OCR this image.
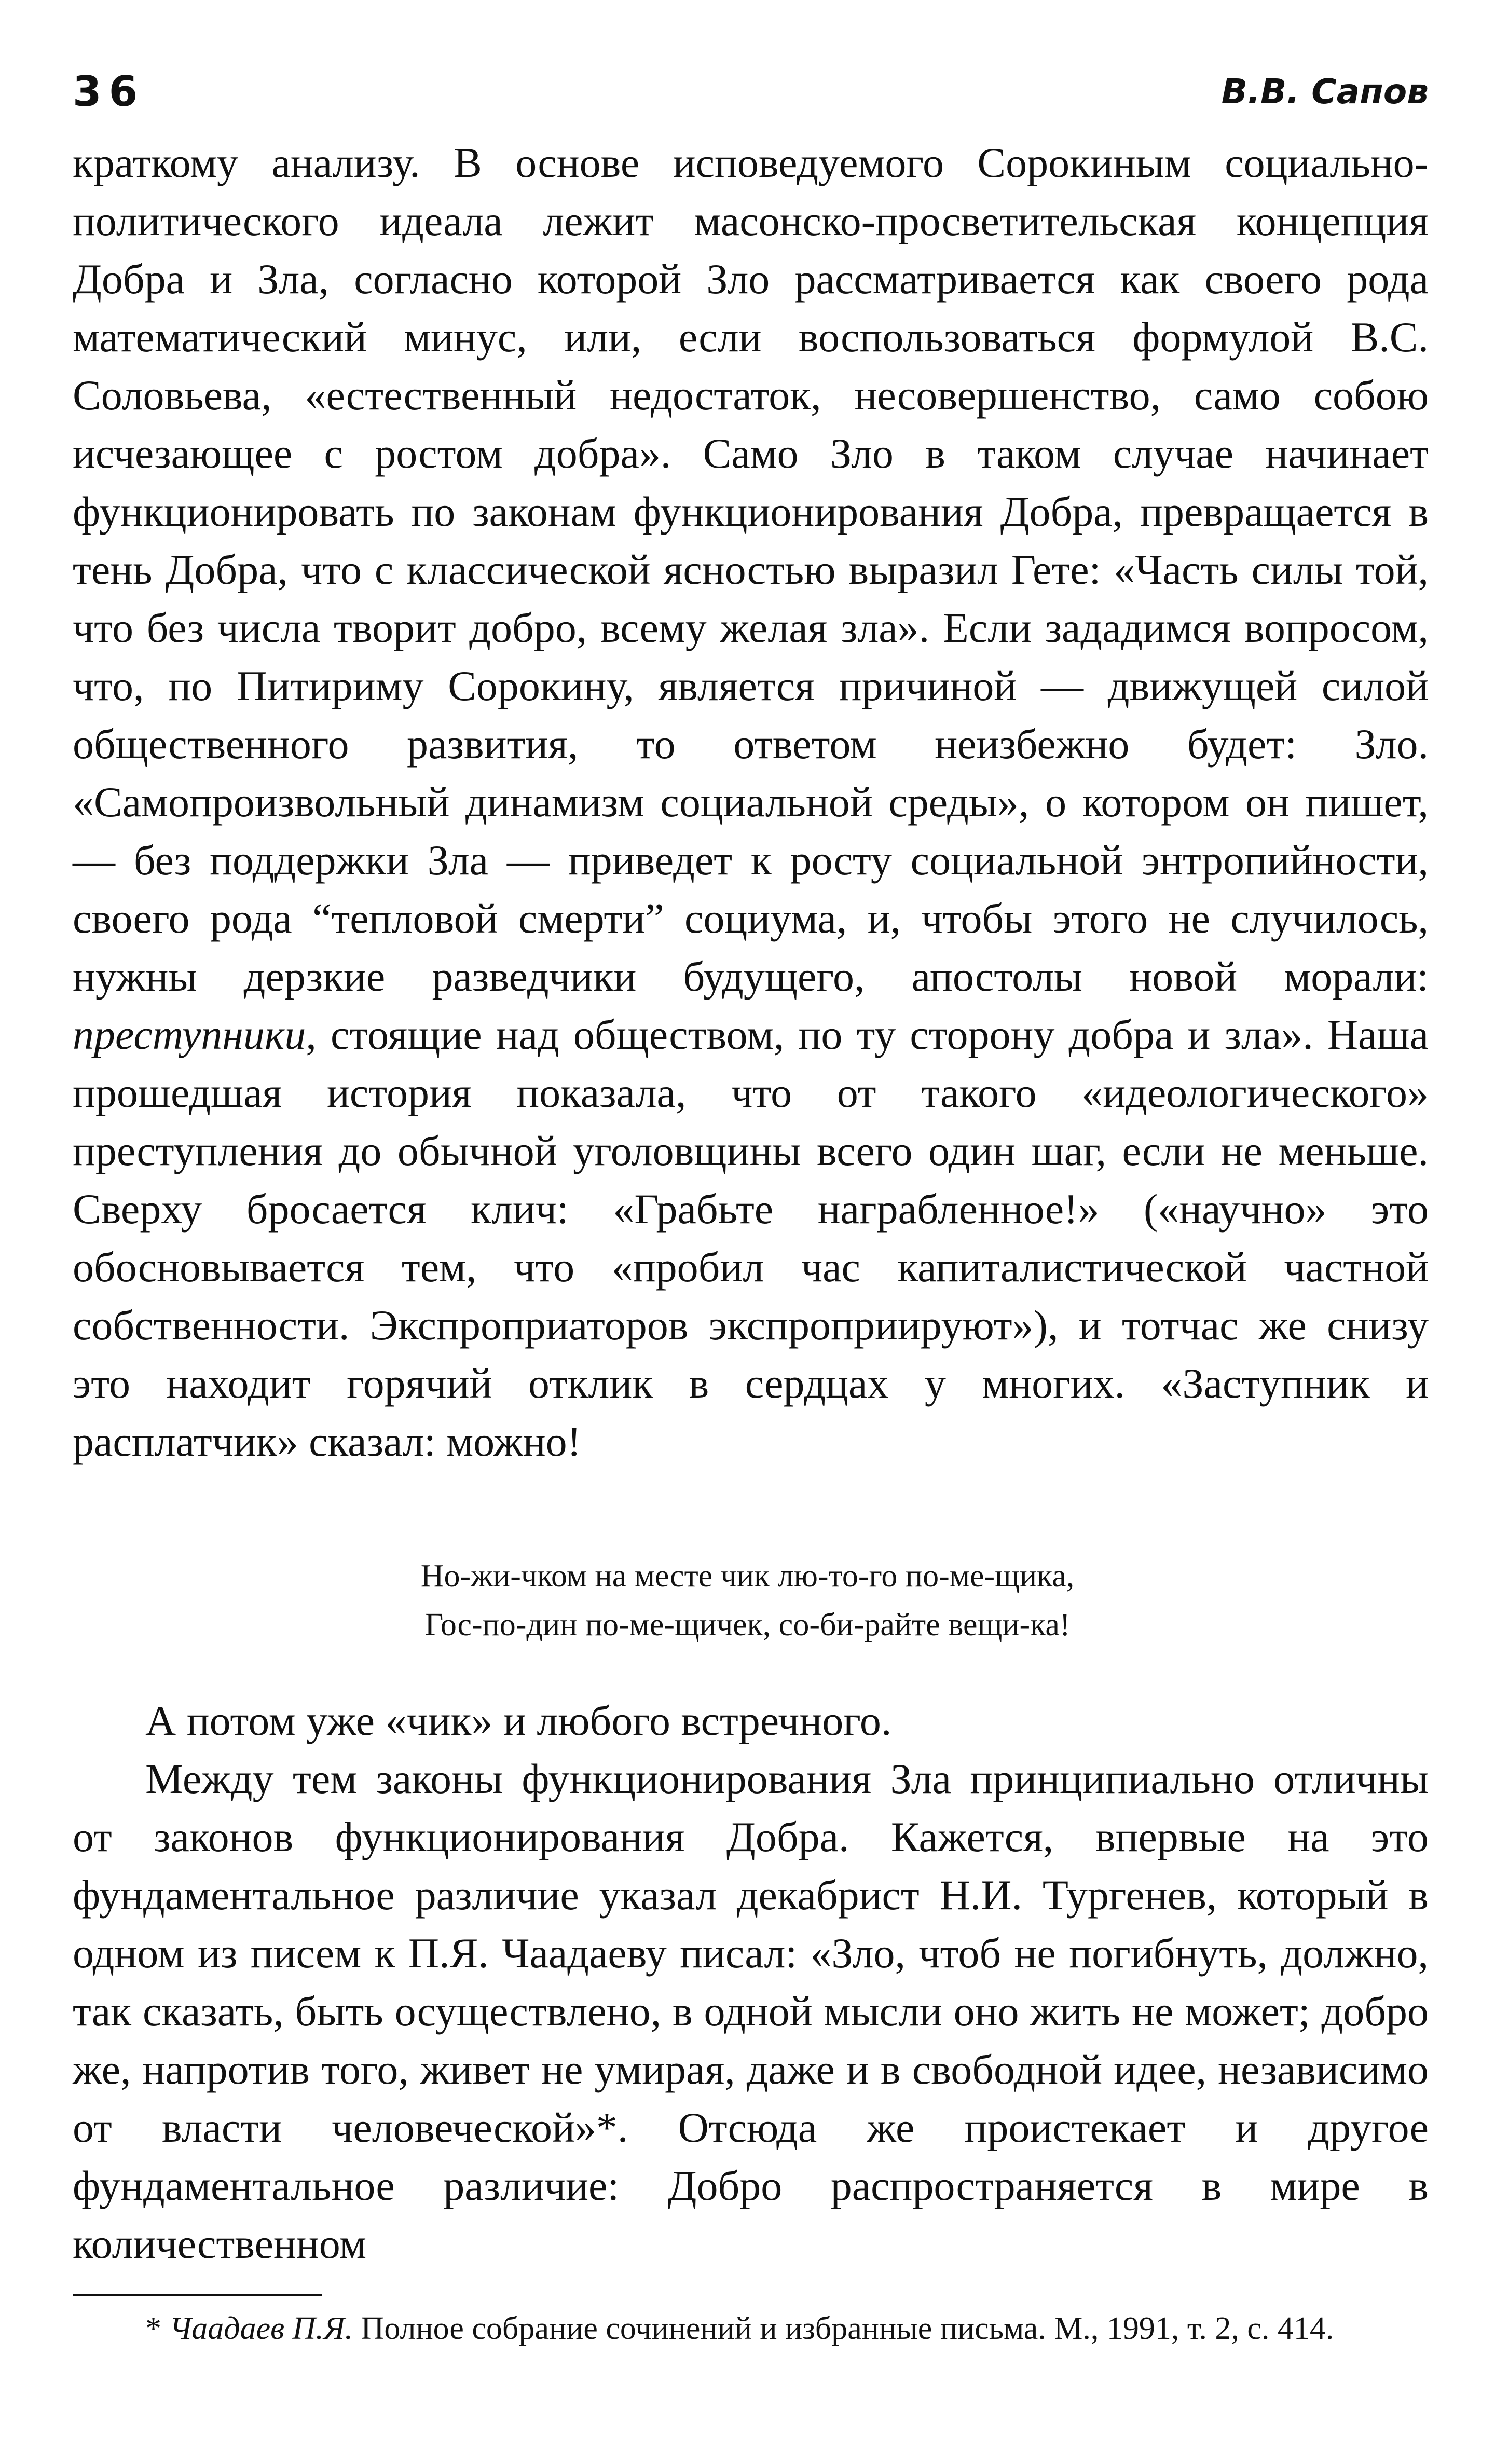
36	В.В. Сапов

краткому анализу. В основе исповедуемого Сорокиным социально-политического идеала лежит масонско-просветительская концепция Добра и Зла, согласно которой Зло рассматривается как своего рода математический минус, или, если воспользоваться формулой В.С. Соловьева, «естественный недостаток, несовершенство, само собою исчезающее с ростом добра». Само Зло в таком случае начинает функционировать по законам функционирования Добра, превращается в тень Добра, что с классической ясностью выразил Гете: «Часть силы той, что без числа творит добро, всему желая зла». Если зададимся вопросом, что, по Питириму Сорокину, является причиной — движущей силой общественного развития, то ответом неизбежно будет: Зло. «Самопроизвольный динамизм социальной среды», о котором он пишет, — без поддержки Зла — приведет к росту социальной энтропийности, своего рода “тепловой смерти” социума, и, чтобы этого не случилось, нужны дерзкие разведчики будущего, апостолы новой морали: преступники, стоящие над обществом, по ту сторону добра и зла». Наша прошедшая история показала, что от такого «идеологического» преступления до обычной уголовщины всего один шаг, если не меньше. Сверху бросается клич: «Грабьте награбленное!» («научно» это обосновывается тем, что «пробил час капиталистической частной собственности. Экспроприаторов экспроприируют»), и тотчас же снизу это находит горячий отклик в сердцах у многих. «Заступник и расплатчик» сказал: можно!

Но-жи-чком на месте чик лю-то-го по-ме-щика,
Гос-по-дин по-ме-щичек, со-би-райте вещи-ка!

А потом уже «чик» и любого встречного.

Между тем законы функционирования Зла принципиально отличны от законов функционирования Добра. Кажется, впервые на это фундаментальное различие указал декабрист Н.И. Тургенев, который в одном из писем к П.Я. Чаадаеву писал: «Зло, чтоб не погибнуть, должно, так сказать, быть осуществлено, в одной мысли оно жить не может; добро же, напротив того, живет не умирая, даже и в свободной идее, независимо от власти человеческой»*. Отсюда же проистекает и другое фундаментальное различие: Добро распространяется в мире в количественном

* Чаадаев П.Я. Полное собрание сочинений и избранные письма. М., 1991, т. 2, с. 414.
